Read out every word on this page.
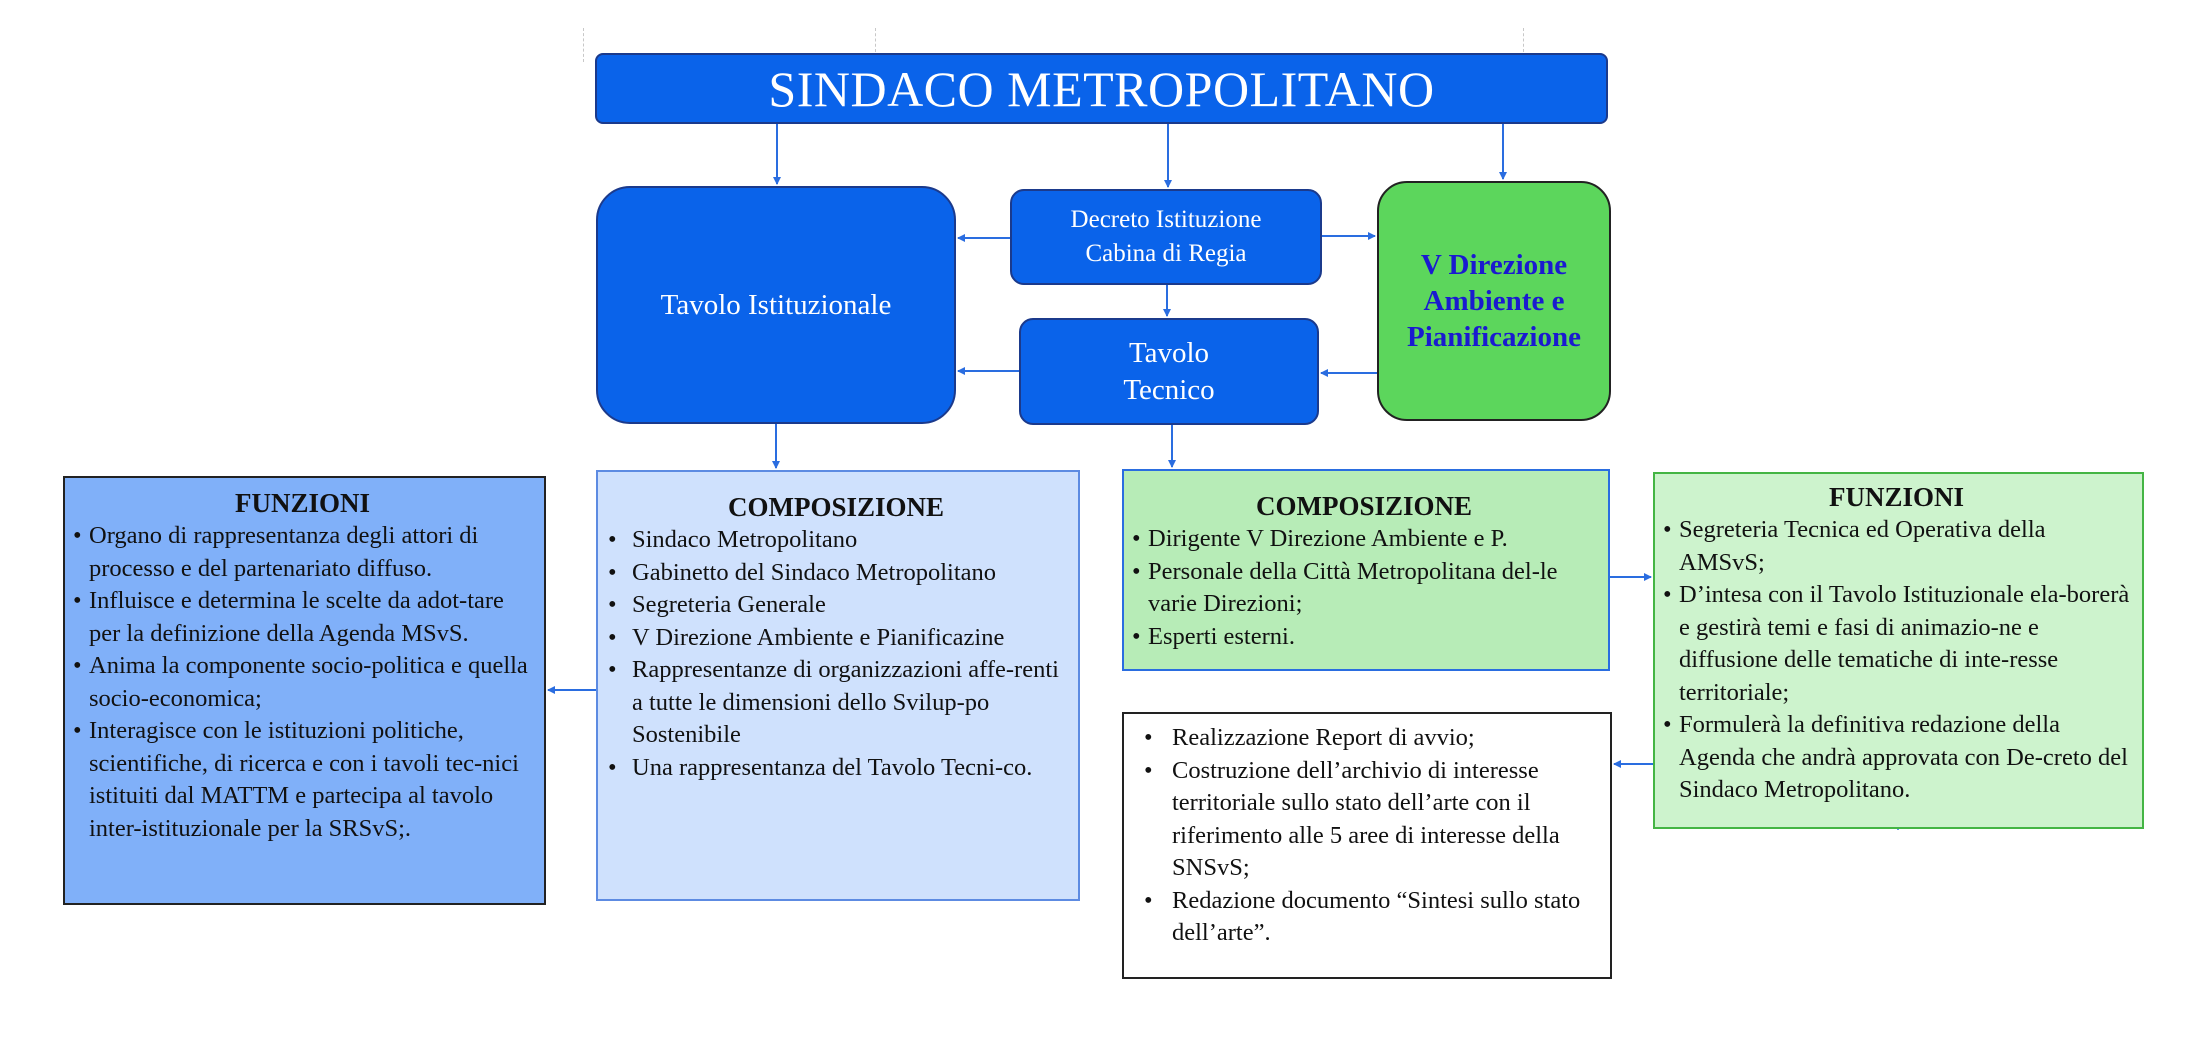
SINDACO METROPOLITANO
Tavolo Istituzionale
Decreto Istituzione
Cabina di Regia
Tavolo
Tecnico
V Direzione
Ambiente e
Pianificazione
FUNZIONI
• Organo di rappresentanza degli attori di processo e del partenariato diffuso.
• Influisce e determina le scelte da adot-tare per la definizione della Agenda MSvS.
• Anima la componente socio-politica e quella socio-economica;
• Interagisce con le istituzioni politiche, scientifiche, di ricerca e con i tavoli tec-nici istituiti dal MATTM e partecipa al tavolo inter-istituzionale per la SRSvS;.
COMPOSIZIONE
• Sindaco Metropolitano
• Gabinetto del Sindaco Metropolitano
• Segreteria Generale
• V Direzione Ambiente e Pianificazine
• Rappresentanze di organizzazioni affe-renti a tutte le dimensioni dello Svilup-po Sostenibile
• Una rappresentanza del Tavolo Tecni-co.
COMPOSIZIONE
• Dirigente V Direzione Ambiente e P.
• Personale della Città Metropolitana del-le varie Direzioni;
• Esperti esterni.
FUNZIONI
• Segreteria Tecnica ed Operativa della AMSvS;
• D’intesa con il Tavolo Istituzionale ela-borerà e gestirà temi e fasi di animazio-ne e diffusione delle tematiche di inte-resse territoriale;
• Formulerà la definitiva redazione della Agenda che andrà approvata con De-creto del Sindaco Metropolitano.
• Realizzazione Report di avvio;
• Costruzione dell’archivio di interesse territoriale sullo stato dell’arte con il riferimento alle 5 aree di interesse della SNSvS;
• Redazione documento “Sintesi sullo stato dell’arte”.
